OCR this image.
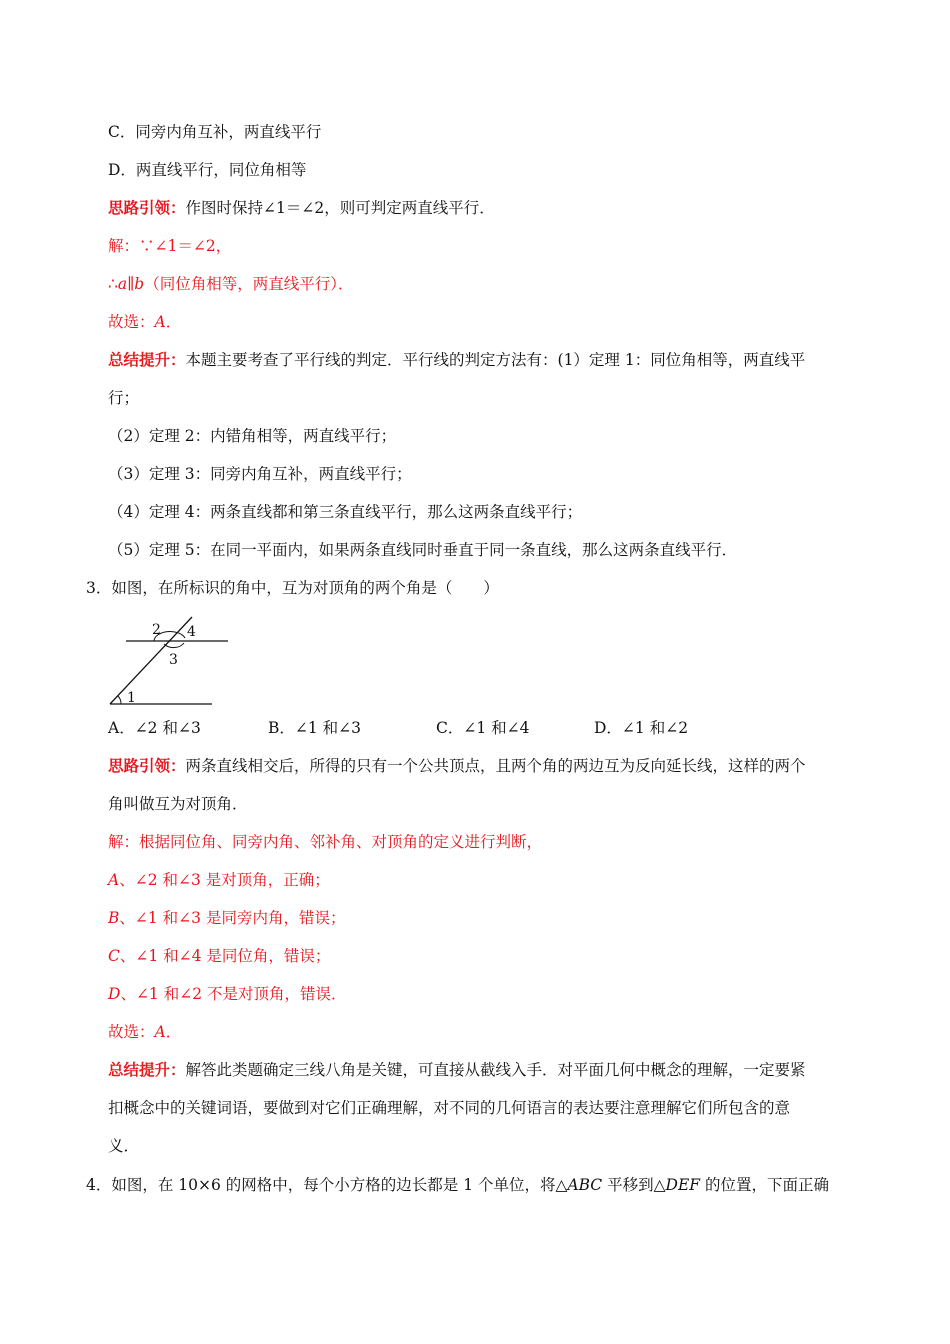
C．同旁内角互补，两直线平行
D．两直线平行，同位角相等
思路引领：作图时保持∠1＝∠2，则可判定两直线平行．
解：∵∠1＝∠2，
∴a∥b（同位角相等，两直线平行）．
故选：A．
总结提升：本题主要考查了平行线的判定．平行线的判定方法有：(1）定理 1：同位角相等，两直线平
行；
（2）定理 2：内错角相等，两直线平行；
（3）定理 3：同旁内角互补，两直线平行；
（4）定理 4：两条直线都和第三条直线平行，那么这两条直线平行；
（5）定理 5：在同一平面内，如果两条直线同时垂直于同一条直线，那么这两条直线平行．
3．如图，在所标识的角中，互为对顶角的两个角是（　　）
2 4
3
1
A．∠2 和∠3	B．∠1 和∠3	C．∠1 和∠4	D．∠1 和∠2
思路引领：两条直线相交后，所得的只有一个公共顶点，且两个角的两边互为反向延长线，这样的两个
角叫做互为对顶角．
解：根据同位角、同旁内角、邻补角、对顶角的定义进行判断，
A、∠2 和∠3 是对顶角，正确；
B、∠1 和∠3 是同旁内角，错误；
C、∠1 和∠4 是同位角，错误；
D、∠1 和∠2 不是对顶角，错误．
故选：A．
总结提升：解答此类题确定三线八角是关键，可直接从截线入手．对平面几何中概念的理解，一定要紧
扣概念中的关键词语，要做到对它们正确理解，对不同的几何语言的表达要注意理解它们所包含的意
义．
4．如图，在 10×6 的网格中，每个小方格的边长都是 1 个单位，将△ABC 平移到△DEF 的位置，下面正确
